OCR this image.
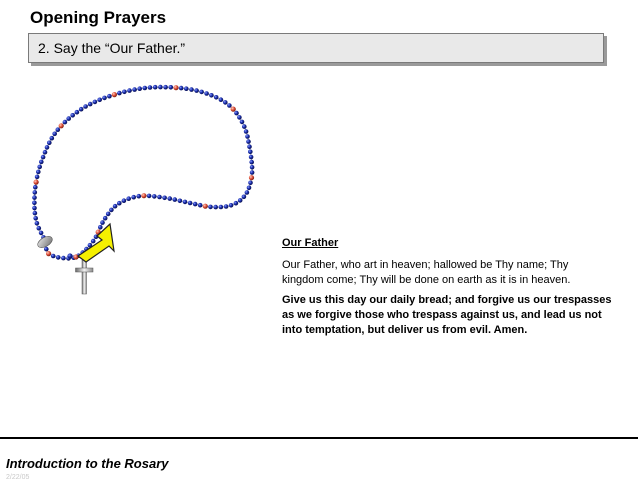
Opening Prayers
2. Say the “Our Father.”
Our Father
Our Father, who art in heaven; hallowed be Thy name; Thy kingdom come; Thy will be done on earth as it is in heaven.
Give us this day our daily bread; and forgive us our trespasses as we forgive those who trespass against us, and lead us not into temptation, but deliver us from evil. Amen.
Introduction to the Rosary
2/22/05
